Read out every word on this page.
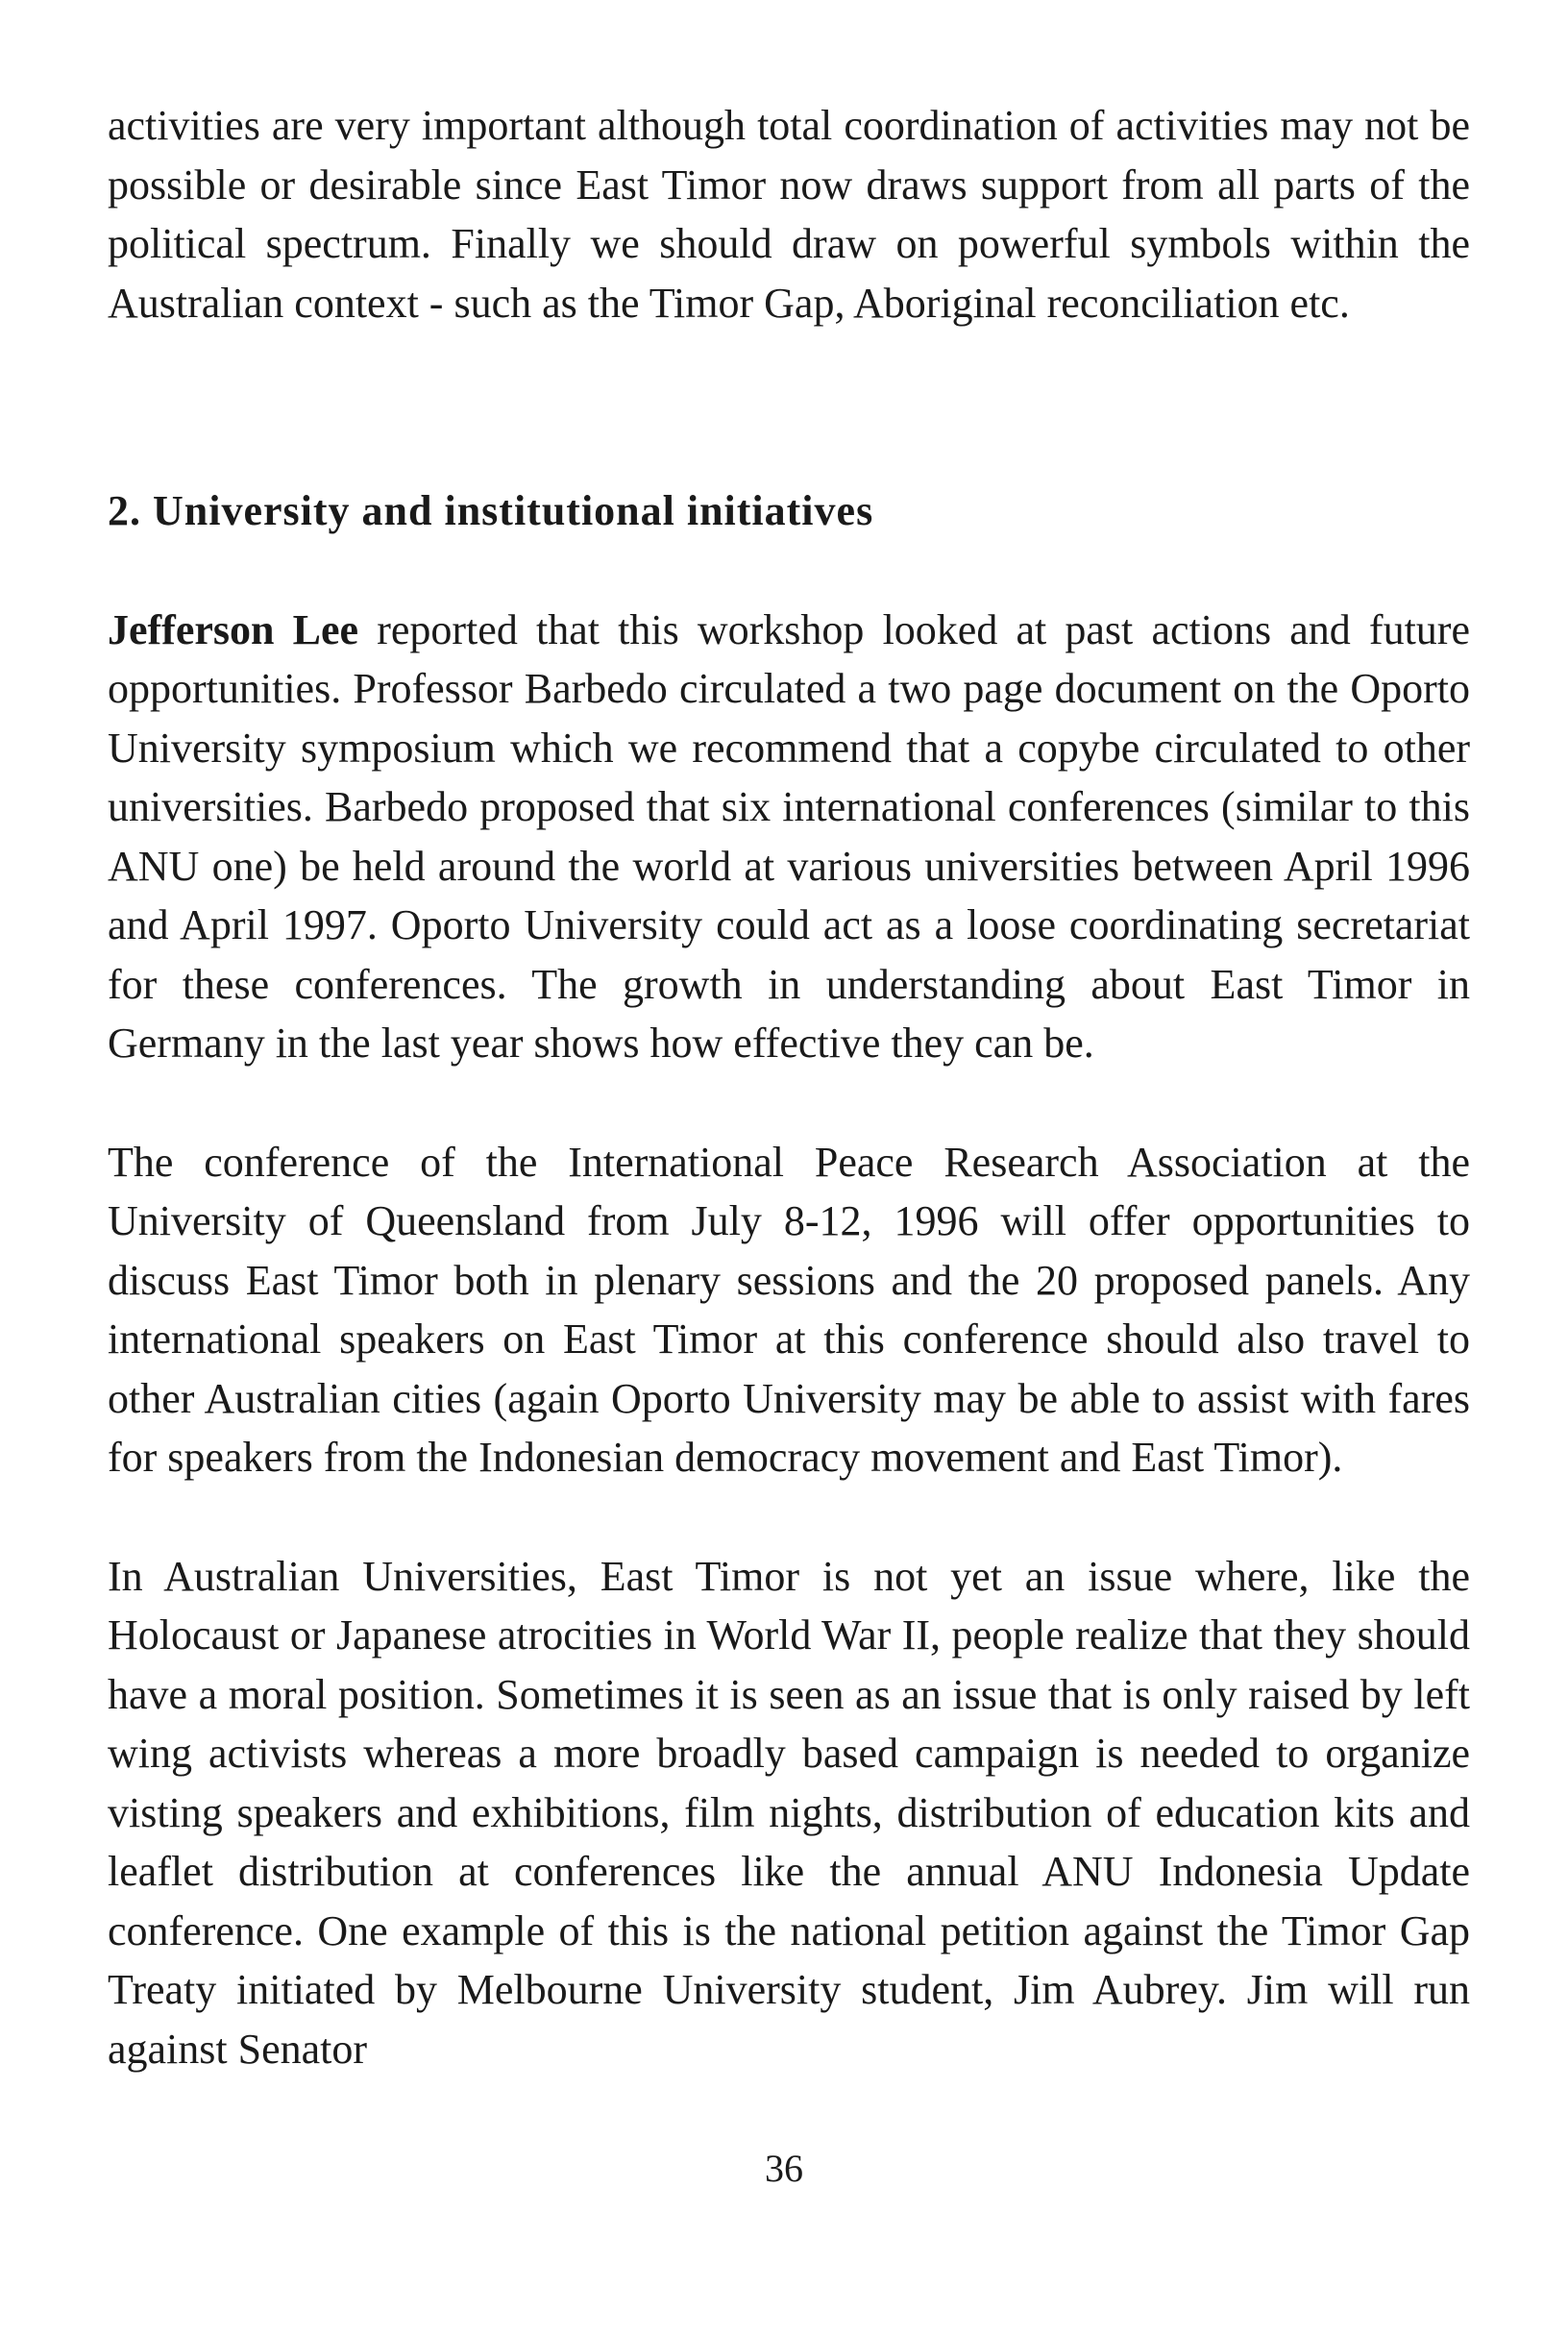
activities are very important although total coordination of activities may not be possible or desirable since East Timor now draws support from all parts of the political spectrum. Finally we should draw on powerful symbols within the Australian context - such as the Timor Gap, Aboriginal reconciliation etc.

2. University and institutional initiatives

Jefferson Lee reported that this workshop looked at past actions and future opportunities. Professor Barbedo circulated a two page document on the Oporto University symposium which we recommend that a copybe circulated to other universities. Barbedo proposed that six international conferences (similar to this ANU one) be held around the world at various universities between April 1996 and April 1997. Oporto University could act as a loose coordinating secretariat for these conferences. The growth in understanding about East Timor in Germany in the last year shows how effective they can be.

The conference of the International Peace Research Association at the University of Queensland from July 8-12, 1996 will offer opportunities to discuss East Timor both in plenary sessions and the 20 proposed panels. Any international speakers on East Timor at this conference should also travel to other Australian cities (again Oporto University may be able to assist with fares for speakers from the Indonesian democracy movement and East Timor).

In Australian Universities, East Timor is not yet an issue where, like the Holocaust or Japanese atrocities in World War II, people realize that they should have a moral position. Sometimes it is seen as an issue that is only raised by left wing activists whereas a more broadly based campaign is needed to organize visting speakers and exhibitions, film nights, distribution of education kits and leaflet distribution at conferences like the annual ANU Indonesia Update conference. One example of this is the national petition against the Timor Gap Treaty initiated by Melbourne University student, Jim Aubrey. Jim will run against Senator

36
